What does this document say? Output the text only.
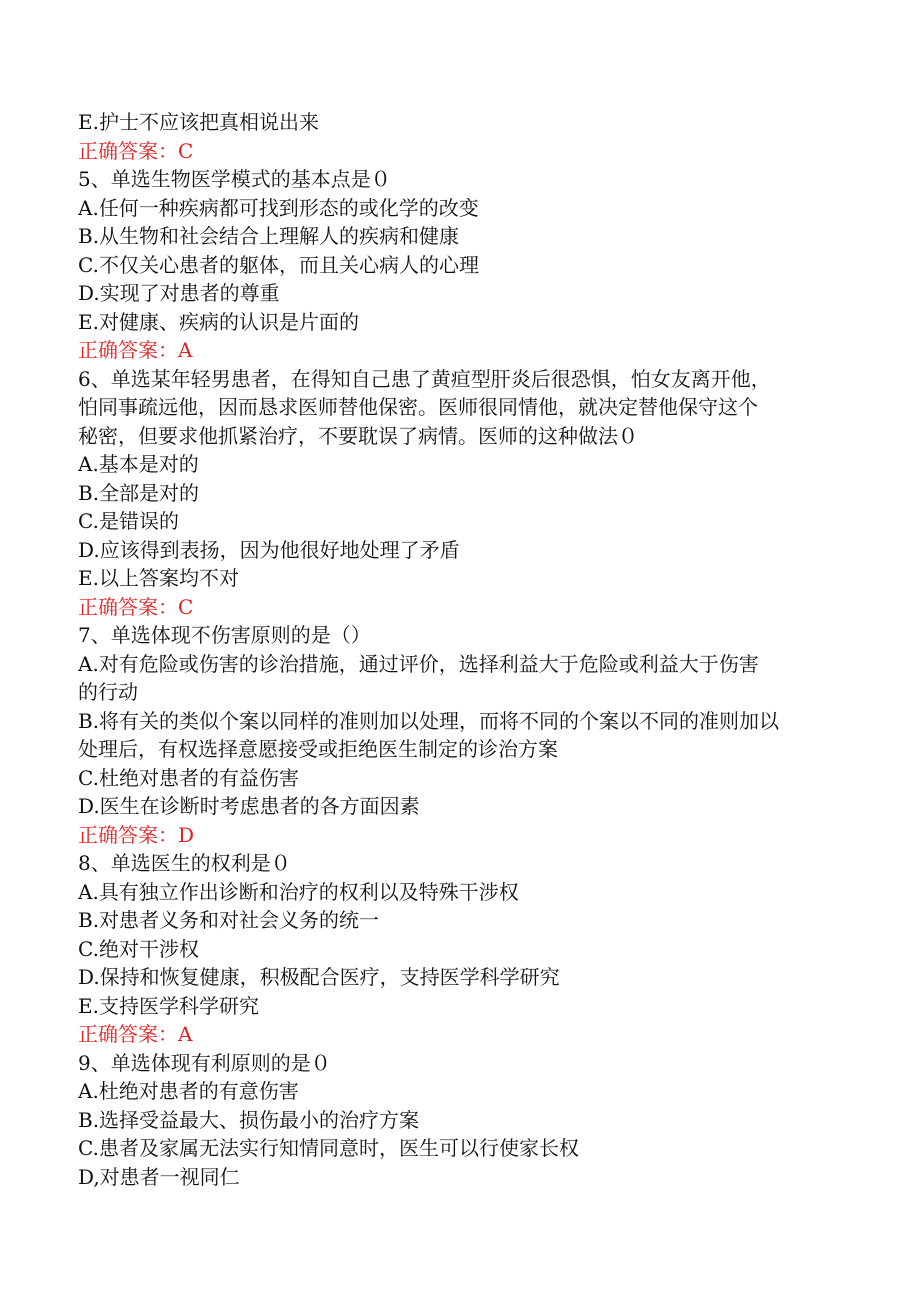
E.护士不应该把真相说出来
正确答案：C
5、单选生物医学模式的基本点是０
A.任何一种疾病都可找到形态的或化学的改变
B.从生物和社会结合上理解人的疾病和健康
C.不仅关心患者的躯体，而且关心病人的心理
D.实现了对患者的尊重
E.对健康、疾病的认识是片面的
正确答案：A
6、单选某年轻男患者，在得知自己患了黄疸型肝炎后很恐惧，怕女友离开他，
怕同事疏远他，因而恳求医师替他保密。医师很同情他，就决定替他保守这个
秘密，但要求他抓紧治疗，不要耽误了病情。医师的这种做法０
A.基本是对的
B.全部是对的
C.是错误的
D.应该得到表扬，因为他很好地处理了矛盾
E.以上答案均不对
正确答案：C
7、单选体现不伤害原则的是（）
A.对有危险或伤害的诊治措施，通过评价，选择利益大于危险或利益大于伤害
的行动
B.将有关的类似个案以同样的准则加以处理，而将不同的个案以不同的准则加以
处理后，有权选择意愿接受或拒绝医生制定的诊治方案
C.杜绝对患者的有益伤害
D.医生在诊断时考虑患者的各方面因素
正确答案：D
8、单选医生的权利是０
A.具有独立作出诊断和治疗的权利以及特殊干涉权
B.对患者义务和对社会义务的统一
C.绝对干涉权
D.保持和恢复健康，积极配合医疗，支持医学科学研究
E.支持医学科学研究
正确答案：A
9、单选体现有利原则的是０
A.杜绝对患者的有意伤害
B.选择受益最大、损伤最小的治疗方案
C.患者及家属无法实行知情同意时，医生可以行使家长权
D,对患者一视同仁
